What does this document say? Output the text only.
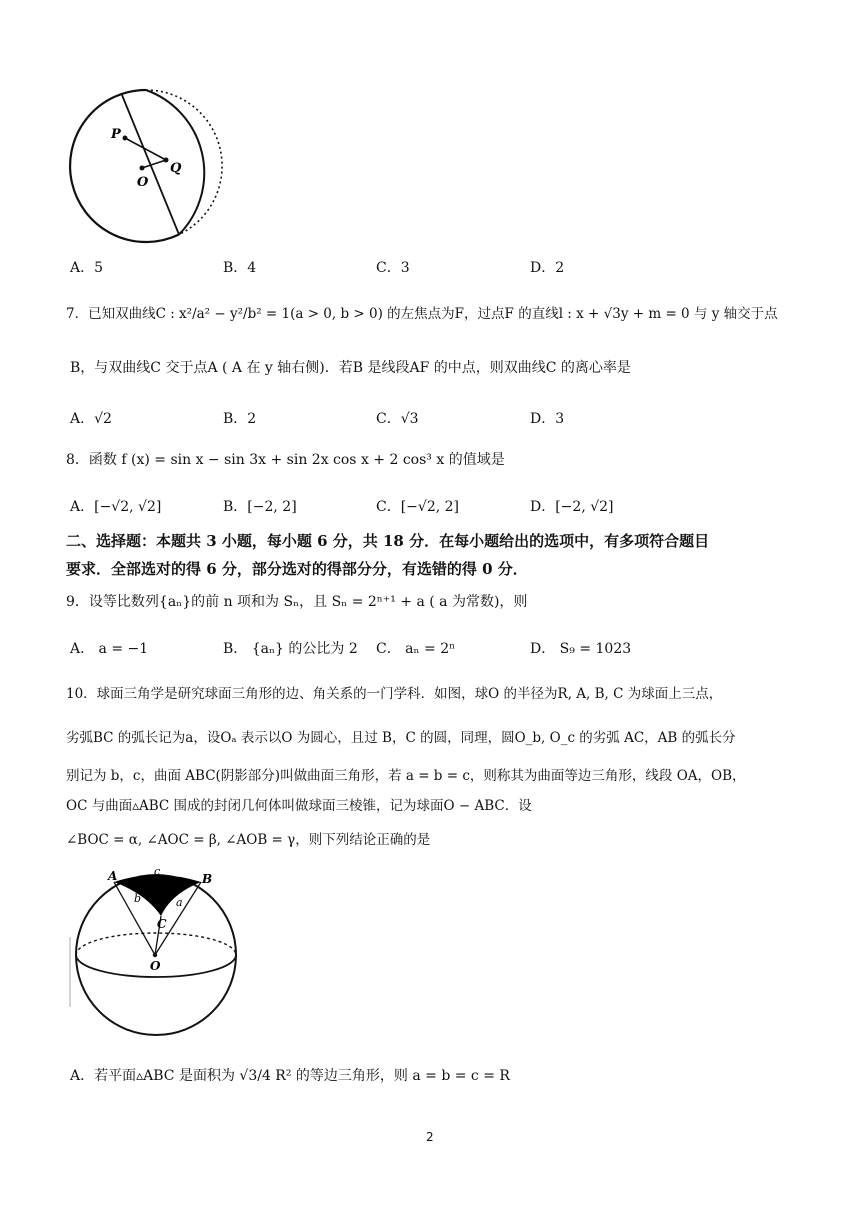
P
Q
O
A．5	B．4	C．3	D．2
7．已知双曲线C : x²/a² − y²/b² = 1(a > 0, b > 0) 的左焦点为F，过点F 的直线l : x + √3y + m = 0 与 y 轴交于点
B，与双曲线C 交于点A ( A 在 y 轴右侧)．若B 是线段AF 的中点，则双曲线C 的离心率是
A．√2	B．2	C．√3	D．3
8．函数 f (x) = sin x − sin 3x + sin 2x cos x + 2 cos³ x 的值域是
A．[−√2, √2]	B．[−2, 2]	C．[−√2, 2]	D．[−2, √2]
二、选择题：本题共 3 小题，每小题 6 分，共 18 分．在每小题给出的选项中，有多项符合题目
要求．全部选对的得 6 分，部分选对的得部分分，有选错的得 0 分．
9．设等比数列{aₙ}的前 n 项和为 Sₙ，且 Sₙ = 2ⁿ⁺¹ + a ( a 为常数)，则
A． a = −1	B． {aₙ} 的公比为 2 C． aₙ = 2ⁿ	D． S₉ = 1023
10．球面三角学是研究球面三角形的边、角关系的一门学科．如图，球O 的半径为R, A, B, C 为球面上三点，
劣弧BC 的弧长记为a，设Oₐ 表示以O 为圆心，且过 B，C 的圆，同理，圆O_b, O_c 的劣弧 AC，AB 的弧长分
别记为 b，c，曲面 ABC(阴影部分)叫做曲面三角形，若 a = b = c，则称其为曲面等边三角形，线段 OA，OB，
OC 与曲面▵ABC 围成的封闭几何体叫做球面三棱锥，记为球面O − ABC．设
∠BOC = α, ∠AOC = β, ∠AOB = γ，则下列结论正确的是
A	B
c
b	a
C
O
A．若平面▵ABC 是面积为 √3/4 R² 的等边三角形，则 a = b = c = R
2
